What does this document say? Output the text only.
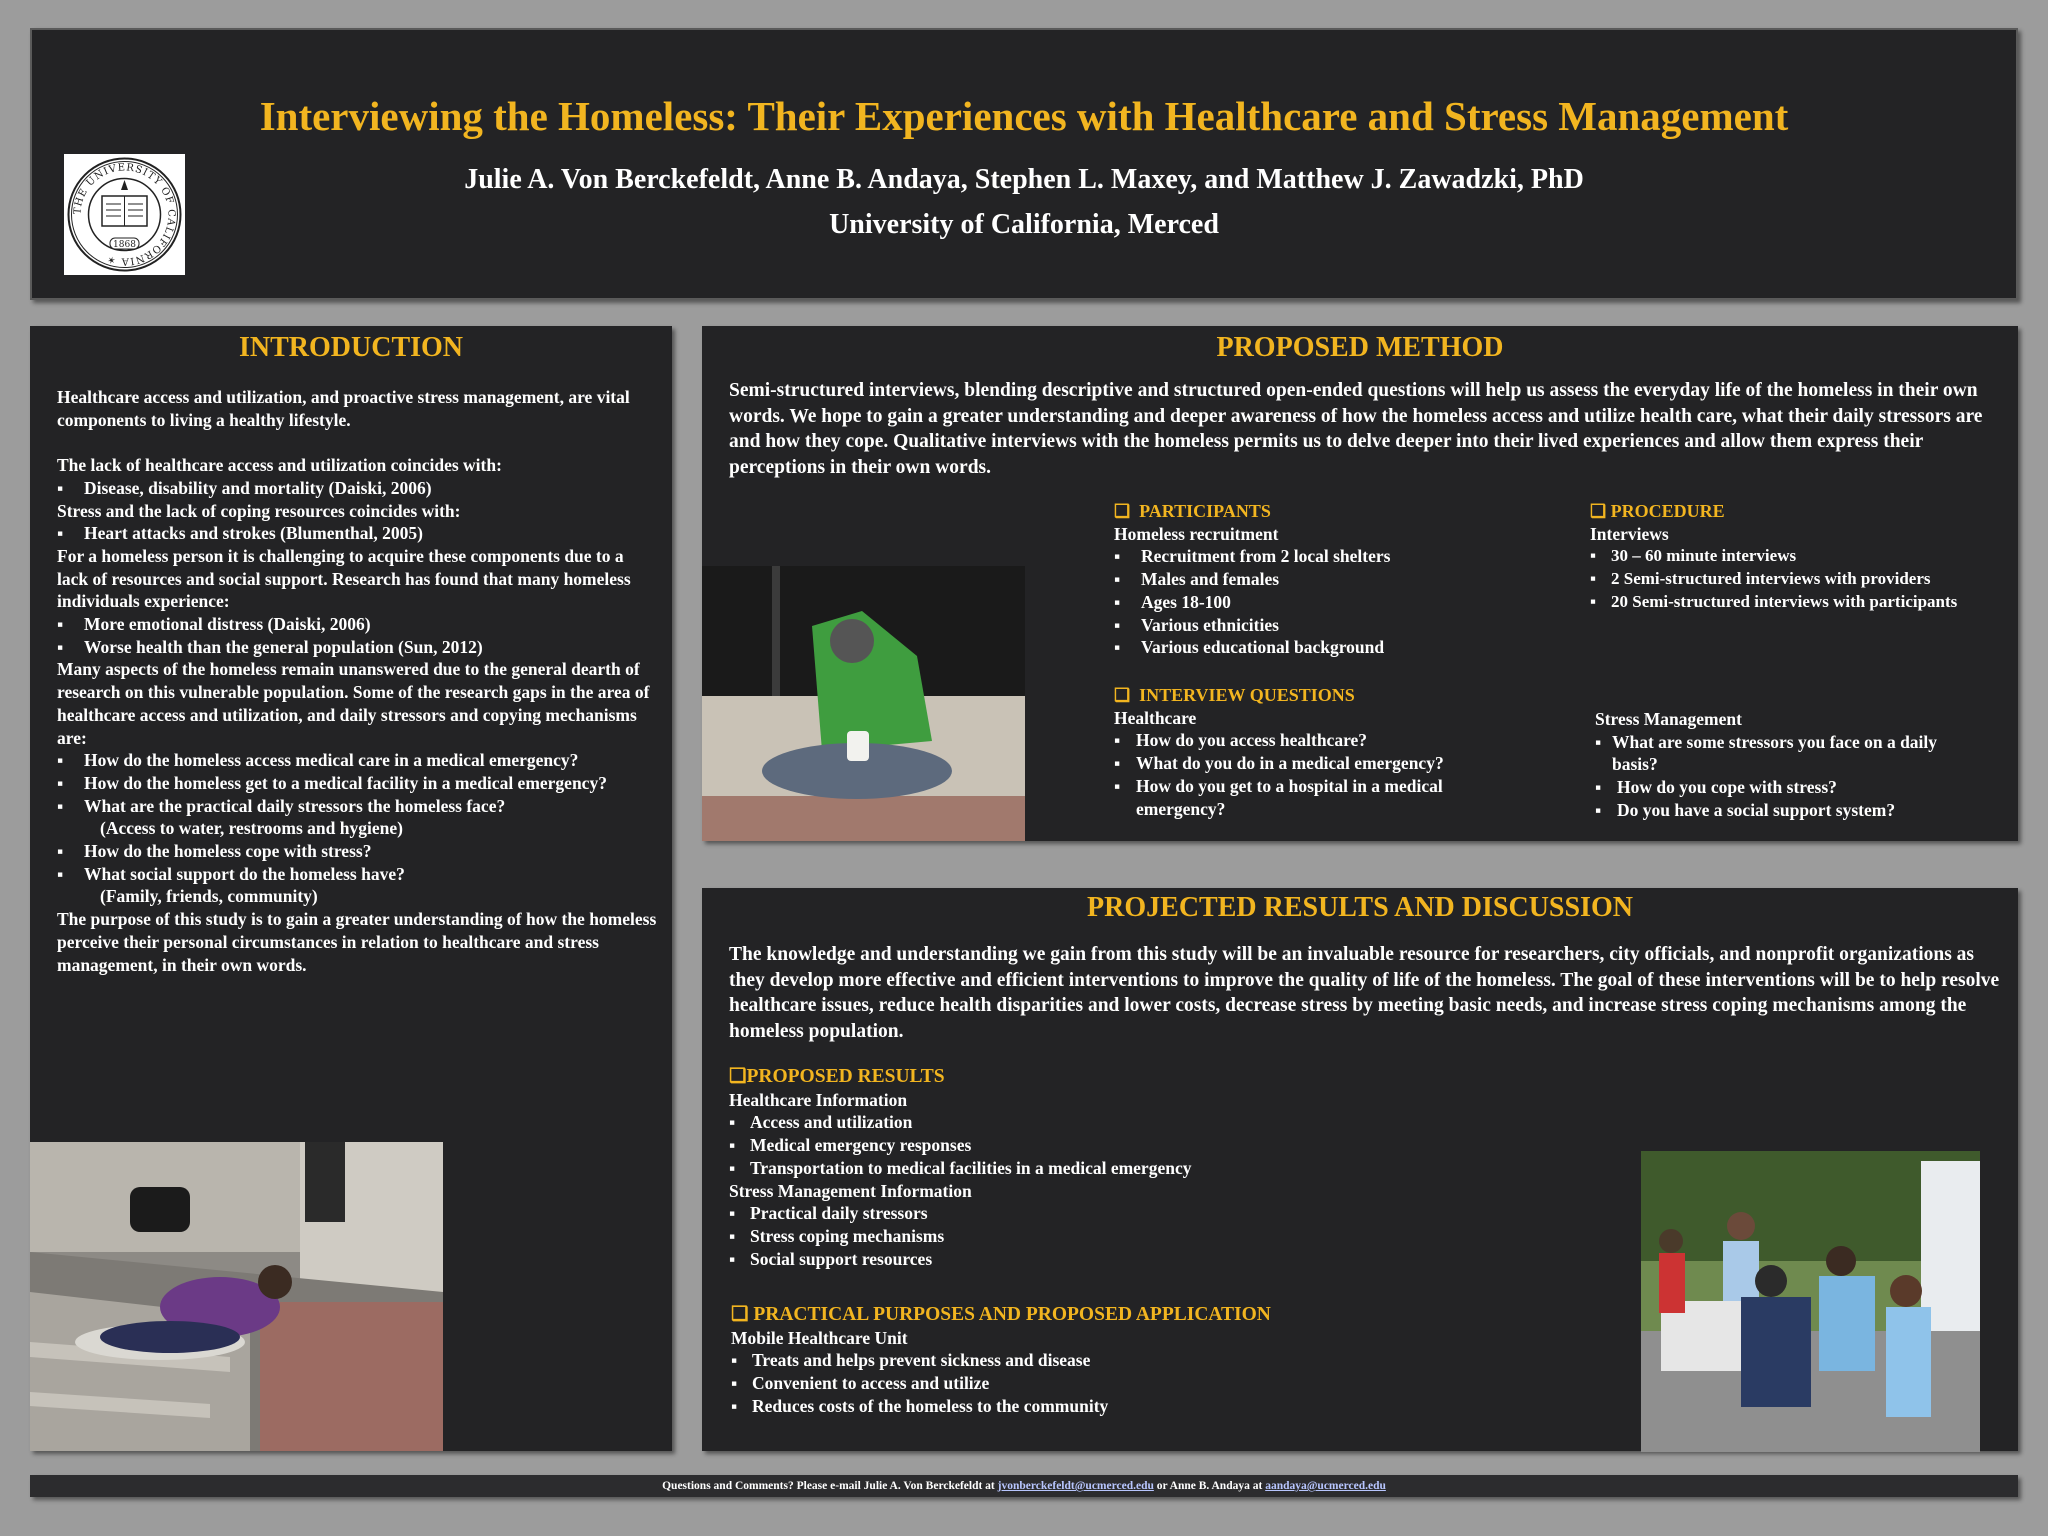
Interviewing the Homeless: Their Experiences with Healthcare and Stress Management
THE UNIVERSITY OF CALIFORNIA ✶
1868
Julie A. Von Berckefeldt, Anne B. Andaya, Stephen L. Maxey, and Matthew J. Zawadzki, PhD
University of California, Merced
INTRODUCTION

Healthcare access and utilization, and proactive stress management, are vital components to living a healthy lifestyle.

The lack of healthcare access and utilization coincides with:
▪ Disease, disability and mortality (Daiski, 2006)
Stress and the lack of coping resources coincides with:
▪ Heart attacks and strokes (Blumenthal, 2005)
For a homeless person it is challenging to acquire these components due to a lack of resources and social support. Research has found that many homeless individuals experience:
▪ More emotional distress (Daiski, 2006)
▪ Worse health than the general population (Sun, 2012)
Many aspects of the homeless remain unanswered due to the general dearth of research on this vulnerable population. Some of the research gaps in the area of healthcare access and utilization, and daily stressors and copying mechanisms are:
▪ How do the homeless access medical care in a medical emergency?
▪ How do the homeless get to a medical facility in a medical emergency?
▪ What are the practical daily stressors the homeless face?
(Access to water, restrooms and hygiene)
▪ How do the homeless cope with stress?
▪ What social support do the homeless have?
(Family, friends, community)

The purpose of this study is to gain a greater understanding of how the homeless perceive their personal circumstances in relation to healthcare and stress management, in their own words.

PROPOSED METHOD
Semi-structured interviews, blending descriptive and structured open-ended questions will help us assess the everyday life of the homeless in their own words. We hope to gain a greater understanding and deeper awareness of how the homeless access and utilize health care, what their daily stressors are and how they cope. Qualitative interviews with the homeless permits us to delve deeper into their lived experiences and allow them express their perceptions in their own words.
❑  PARTICIPANTS
Homeless recruitment
▪ Recruitment from 2 local shelters
▪ Males and females
▪ Ages 18-100
▪ Various ethnicities
▪ Various educational background
❑ PROCEDURE
Interviews
▪ 30 – 60 minute interviews
▪ 2 Semi-structured interviews with providers
▪ 20 Semi-structured interviews with participants
❑  INTERVIEW QUESTIONS
Healthcare
▪ How do you access healthcare?
▪ What do you do in a medical emergency?
▪ How do you get to a hospital in a medical emergency?
Stress Management
▪ What are some stressors you face on a daily basis?
▪ How do you cope with stress?
▪ Do you have a social support system?
PROJECTED RESULTS AND DISCUSSION
The knowledge and understanding we gain from this study will be an invaluable resource for researchers, city officials, and nonprofit organizations as they develop more effective and efficient interventions to improve the quality of life of the homeless. The goal of these interventions will be to help resolve healthcare issues, reduce health disparities and lower costs, decrease stress by meeting basic needs, and increase stress coping mechanisms among the homeless population.
❑PROPOSED RESULTS
Healthcare Information
▪ Access and utilization
▪ Medical emergency responses
▪ Transportation to medical facilities in a medical emergency
Stress Management Information
▪ Practical daily stressors
▪ Stress coping mechanisms
▪ Social support resources
❑ PRACTICAL PURPOSES AND PROPOSED APPLICATION
Mobile Healthcare Unit
▪ Treats and helps prevent sickness and disease
▪ Convenient to access and utilize
▪ Reduces costs of the homeless to the community
Questions and Comments? Please e-mail Julie A. Von Berckefeldt at jvonberckefeldt@ucmerced.edu or Anne B. Andaya at aandaya@ucmerced.edu
